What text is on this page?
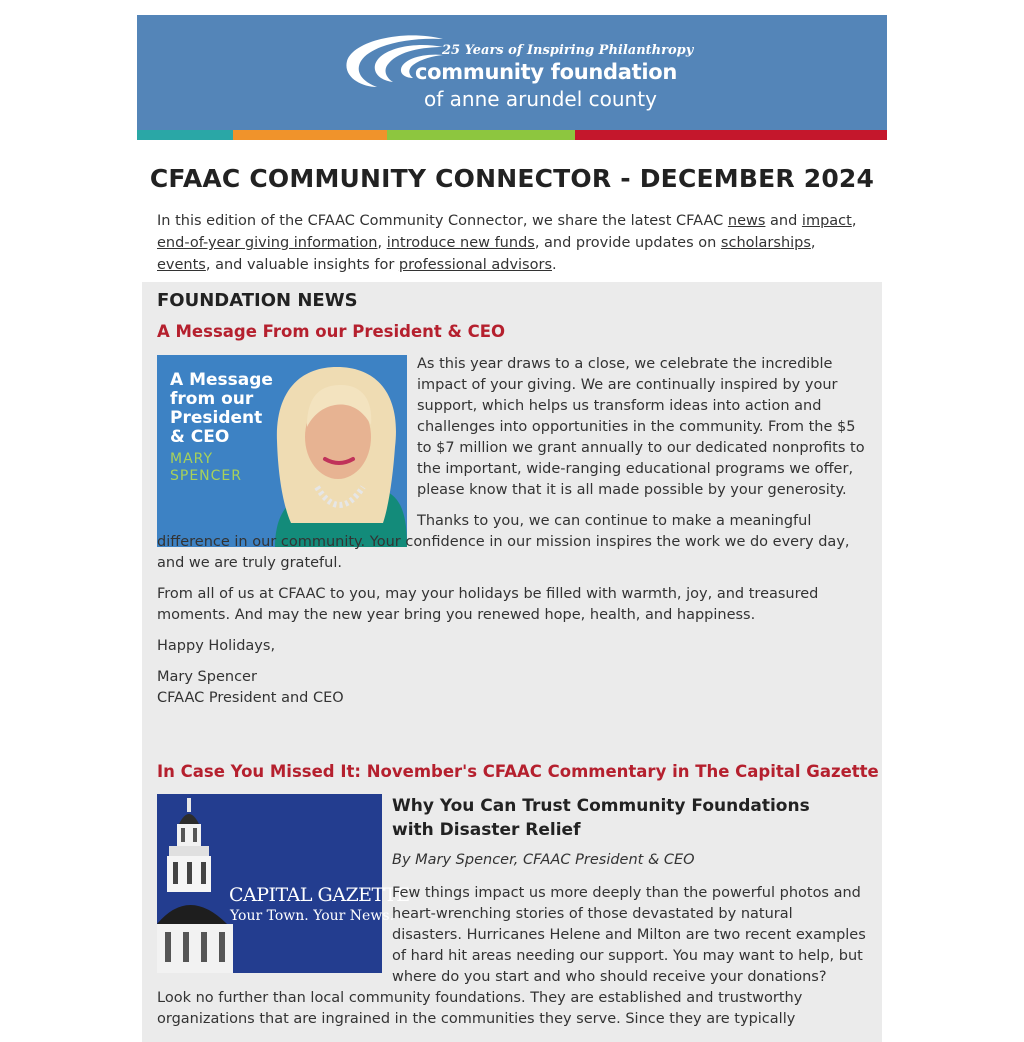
25 Years of Inspiring Philanthropy
community foundation
of anne arundel county
CFAAC COMMUNITY CONNECTOR - DECEMBER 2024
In this edition of the CFAAC Community Connector, we share the latest CFAAC news and impact, end-of-year giving information, introduce new funds, and provide updates on scholarships, events, and valuable insights for professional advisors.
FOUNDATION NEWS
A Message From our President & CEO
A Message
from our
President
& CEO
MARY
SPENCER
As this year draws to a close, we celebrate the incredible impact of your giving. We are continually inspired by your support, which helps us transform ideas into action and challenges into opportunities in the community. From the $5 to $7 million we grant annually to our dedicated nonprofits to the important, wide-ranging educational programs we offer, please know that it is all made possible by your generosity.
Thanks to you, we can continue to make a meaningful difference in our community. Your confidence in our mission inspires the work we do every day, and we are truly grateful.
From all of us at CFAAC to you, may your holidays be filled with warmth, joy, and treasured moments. And may the new year bring you renewed hope, health, and happiness.
Happy Holidays,
Mary Spencer
CFAAC President and CEO
In Case You Missed It: November's CFAAC Commentary in The Capital Gazette
CAPITAL GAZETTE
Your Town. Your News.
Why You Can Trust Community Foundations with Disaster Relief
By Mary Spencer, CFAAC President & CEO
Few things impact us more deeply than the powerful photos and heart-wrenching stories of those devastated by natural disasters. Hurricanes Helene and Milton are two recent examples of hard hit areas needing our support. You may want to help, but where do you start and who should receive your donations?
Look no further than local community foundations. They are established and trustworthy organizations that are ingrained in the communities they serve. Since they are typically
